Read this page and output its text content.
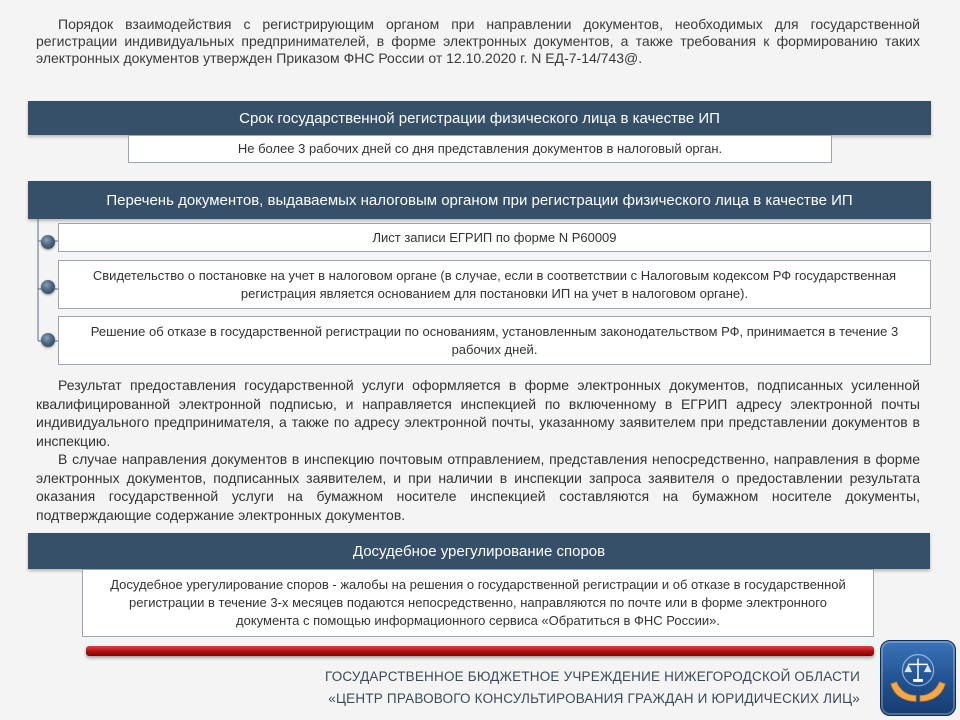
Порядок взаимодействия с регистрирующим органом при направлении документов, необходимых для государственной регистрации индивидуальных предпринимателей, в форме электронных документов, а также требования к формированию таких электронных документов утвержден Приказом ФНС России от 12.10.2020 г. N ЕД-7-14/743@.
Срок государственной регистрации физического лица в качестве ИП
Не более 3 рабочих дней со дня представления документов в налоговый орган.
Перечень документов, выдаваемых налоговым органом при регистрации физического лица в качестве ИП
Лист записи ЕГРИП по форме N Р60009
Свидетельство о постановке на учет в налоговом органе (в случае, если в соответствии с Налоговым кодексом РФ государственная регистрация является основанием для постановки ИП на учет в налоговом органе).
Решение об отказе в государственной регистрации по основаниям, установленным законодательством РФ, принимается в течение 3 рабочих дней.
Результат предоставления государственной услуги оформляется в форме электронных документов, подписанных усиленной квалифицированной электронной подписью, и направляется инспекцией по включенному в ЕГРИП адресу электронной почты индивидуального предпринимателя, а также по адресу электронной почты, указанному заявителем при представлении документов в инспекцию.
В случае направления документов в инспекцию почтовым отправлением, представления непосредственно, направления в форме электронных документов, подписанных заявителем, и при наличии в инспекции запроса заявителя о предоставлении результата оказания государственной услуги на бумажном носителе инспекцией составляются на бумажном носителе документы, подтверждающие содержание электронных документов.
Досудебное урегулирование споров
Досудебное урегулирование споров - жалобы на решения о государственной регистрации и об отказе в государственной регистрации в течение 3-х месяцев подаются непосредственно, направляются по почте или в форме электронного документа с помощью информационного сервиса «Обратиться в ФНС России».
ГОСУДАРСТВЕННОЕ БЮДЖЕТНОЕ УЧРЕЖДЕНИЕ НИЖЕГОРОДСКОЙ ОБЛАСТИ
«ЦЕНТР ПРАВОВОГО КОНСУЛЬТИРОВАНИЯ ГРАЖДАН И ЮРИДИЧЕСКИХ ЛИЦ»
